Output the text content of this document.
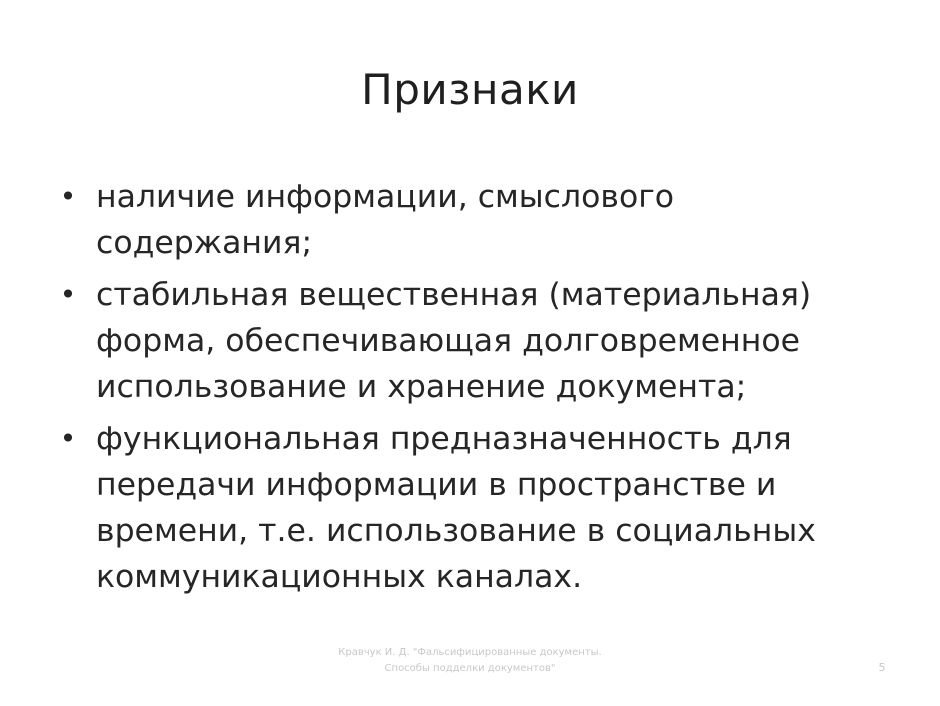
Признаки
• наличие информации, смыслового содержания;
• стабильная вещественная (материальная) форма, обеспечивающая долговременное использование и хранение документа;
• функциональная предназначенность для передачи информации в пространстве и времени, т.е. использование в социальных коммуникационных каналах.
Кравчук И. Д. "Фальсифицированные документы. Способы подделки документов"	5
